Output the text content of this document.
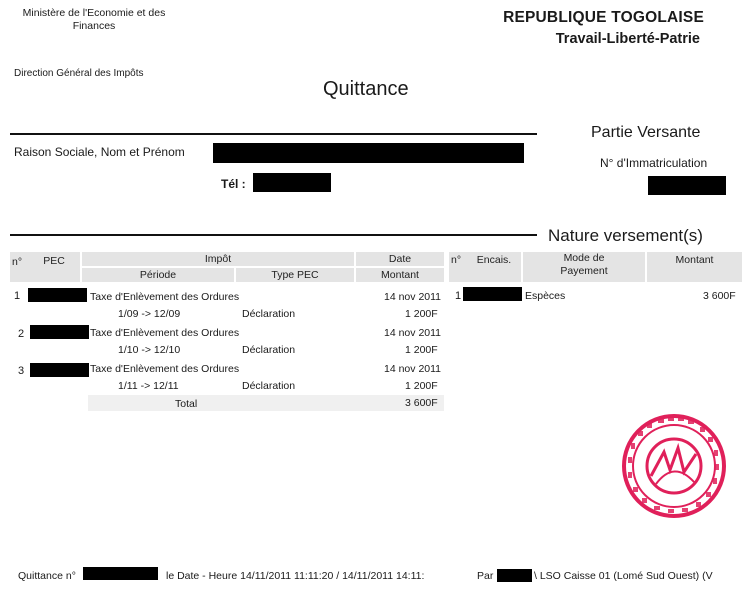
Ministère de l'Economie et des Finances	REPUBLIQUE TOGOLAISE
Travail-Liberté-Patrie
Direction Général des Impôts
Quittance
Partie Versante
Raison Sociale, Nom et Prénom
N° d'Immatriculation
Tél :
Nature versement(s)
n°	PEC	Impôt	Date
Période	Type PEC	Montant
1	Taxe d'Enlèvement des Ordures	14 nov 2011
1/09 -> 12/09	Déclaration	1 200F
2	Taxe d'Enlèvement des Ordures	14 nov 2011
1/10 -> 12/10	Déclaration	1 200F
3	Taxe d'Enlèvement des Ordures	14 nov 2011
1/11 -> 12/11	Déclaration	1 200F
Total	3 600F
n°	Encais.	Mode de Payement
Montant
1	Espèces	3 600F
Quittance n°	le Date - Heure 14/11/2011 11:11:20 / 14/11/2011 14:11:	Par	\ LSO Caisse 01 (Lomé Sud Ouest) (V
